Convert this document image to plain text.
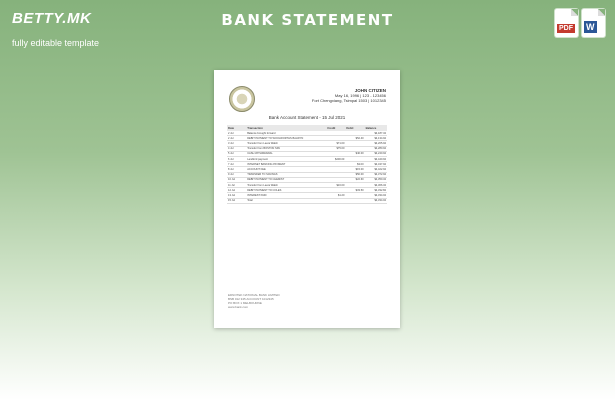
BETTY.MK
fully editable template
BANK STATEMENT	PDF W
JOHN CITIZEN
May 16, 1996 | 123 - 123456
Fort Chengxiang, Tsimpal 1503 | 1012345
Bank Account Statement - 15 Jul 2021
Date	Transaction	Credit	Debit	Balance
2 Jul	Balance brought forward			$4,187.34
2 Jul	DEBIT PAYMENT TO WOOLWORTHS BALWYN		$52.40	$4,134.94
3 Jul	Transfer from Laura Walsh	$71.00		$4,205.94
4 Jul	Transfer from BOSTON SPA	$75.00		$4,280.94
5 Jul	CASH WITHDRAWAL		$40.00	$4,240.94
6 Jul	Landlord payment	$200.00		$4,440.94
7 Jul	INTERNET BANKING PAYMENT		$3.00	$4,437.94
8 Jul	ACCOUNT FEE		$15.00	$4,422.94
9 Jul	TRANSFER TO SAVINGS		$50.00	$4,372.94
10 Jul	DEBIT PAYMENT TO CHEMIST		$22.60	$4,350.34
11 Jul	Transfer from Laura Walsh	$16.00		$4,366.34
12 Jul	DEBIT PAYMENT TO COLES		$33.50	$4,332.84
13 Jul	INTEREST PAID	$1.20		$4,334.04
15 Jul	Total			$4,334.04
EDNOTEK NATIONAL BANK LIMITED
BSB 012 345 ACCOUNT 1012345
PO BOX 1 MELBOURNE
www.bank.com
